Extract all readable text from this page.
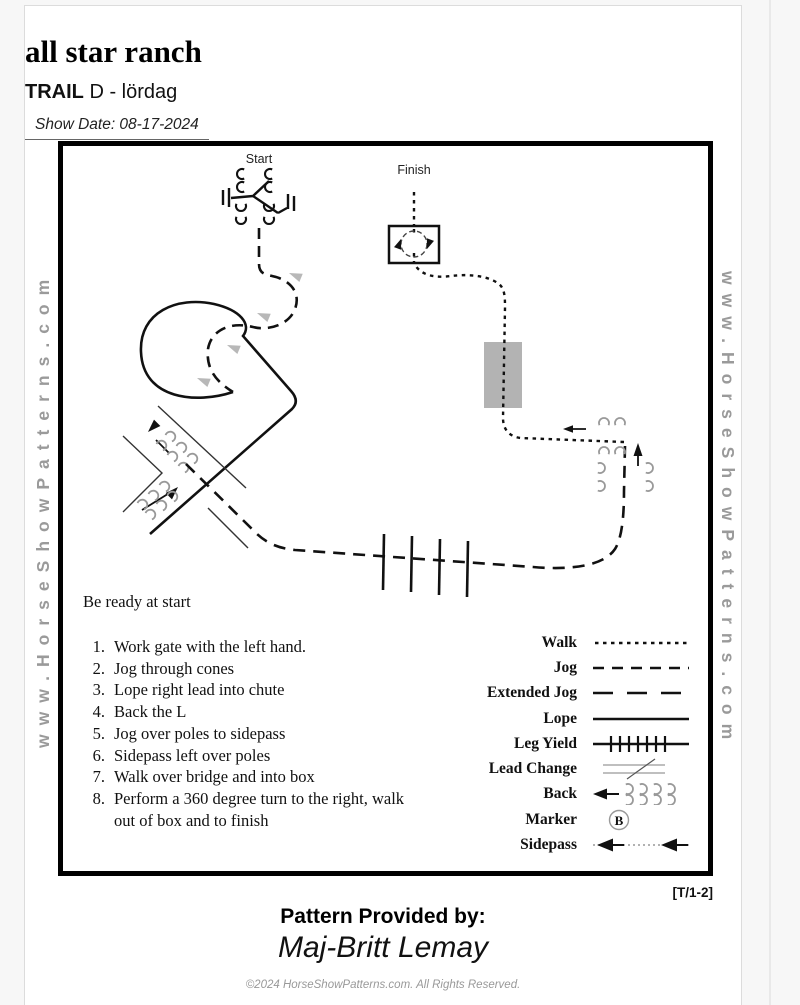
all star ranch
TRAIL D - lördag
Show Date: 08-17-2024
www.HorseShowPatterns.com	www.HorseShowPatterns.com
Start
Finish
Be ready at start
1. Work gate with the left hand.
2. Jog through cones
3. Lope right lead into chute
4. Back the L
5. Jog over poles to sidepass
6. Sidepass left over poles
7. Walk over bridge and into box
8. Perform a 360 degree turn to the right, walk out of box and to finish
Walk
Jog
Extended Jog
Lope
Leg Yield
Lead Change
Back
Marker	B
Sidepass
[T/1-2]
Pattern Provided by:
Maj-Britt Lemay
©2024 HorseShowPatterns.com. All Rights Reserved.
